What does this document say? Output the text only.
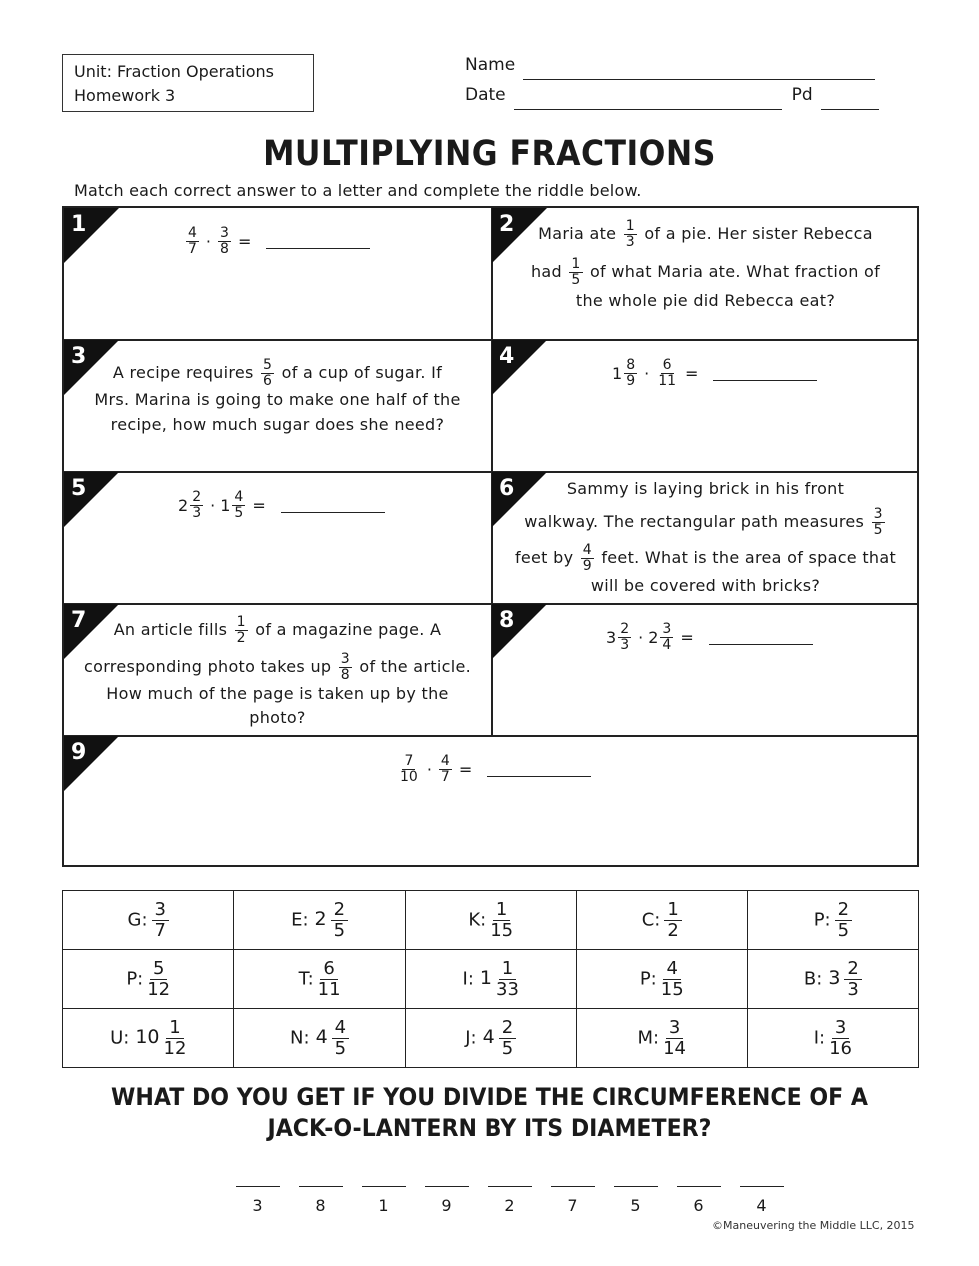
Unit: Fraction Operations
Homework 3
Name
Date	Pd
MULTIPLYING FRACTIONS
Match each correct answer to a letter and complete the riddle below.
1
$\frac{4}{7} \cdot \frac{3}{8}$ =
2	Maria ate $\frac{1}{3}$ of a pie. Her sister Rebecca
had $\frac{1}{5}$ of what Maria ate. What fraction of
the whole pie did Rebecca eat?
3
A recipe requires $\frac{5}{6}$ of a cup of sugar. If
Mrs. Marina is going to make one half of the
recipe, how much sugar does she need?
4
$1 \frac{8}{9} \cdot \frac{6}{11}$ =
5
$2 \frac{2}{3} \cdot 1 \frac{4}{5}$ =
6	Sammy is laying brick in his front
walkway. The rectangular path measures $\frac{3}{5}$
feet by $\frac{4}{9}$ feet. What is the area of space that
will be covered with bricks?
7	An article fills $\frac{1}{2}$ of a magazine page. A
corresponding photo takes up $\frac{3}{8}$ of the article.
How much of the page is taken up by the
photo?
8
$3 \frac{2}{3} \cdot 2 \frac{3}{4}$ =
9
$\frac{7}{10} \cdot \frac{4}{7}$ =
G: $\frac{3}{7}$	E: $2 \frac{2}{5}$	K: $\frac{1}{15}$	C: $\frac{1}{2}$	P: $\frac{2}{5}$

P: $\frac{5}{12}$	T: $\frac{6}{11}$	I: $1 \frac{1}{33}$	P: $\frac{4}{15}$	B: $3 \frac{2}{3}$

U: $10 \frac{1}{12}$	N: $4 \frac{4}{5}$	J: $4 \frac{2}{5}$	M: $\frac{3}{14}$	I: $\frac{3}{16}$
WHAT DO YOU GET IF YOU DIVIDE THE CIRCUMFERENCE OF A
JACK-O-LANTERN BY ITS DIAMETER?
3	8	1	9	2	7	5	6	4
©Maneuvering the Middle LLC, 2015
